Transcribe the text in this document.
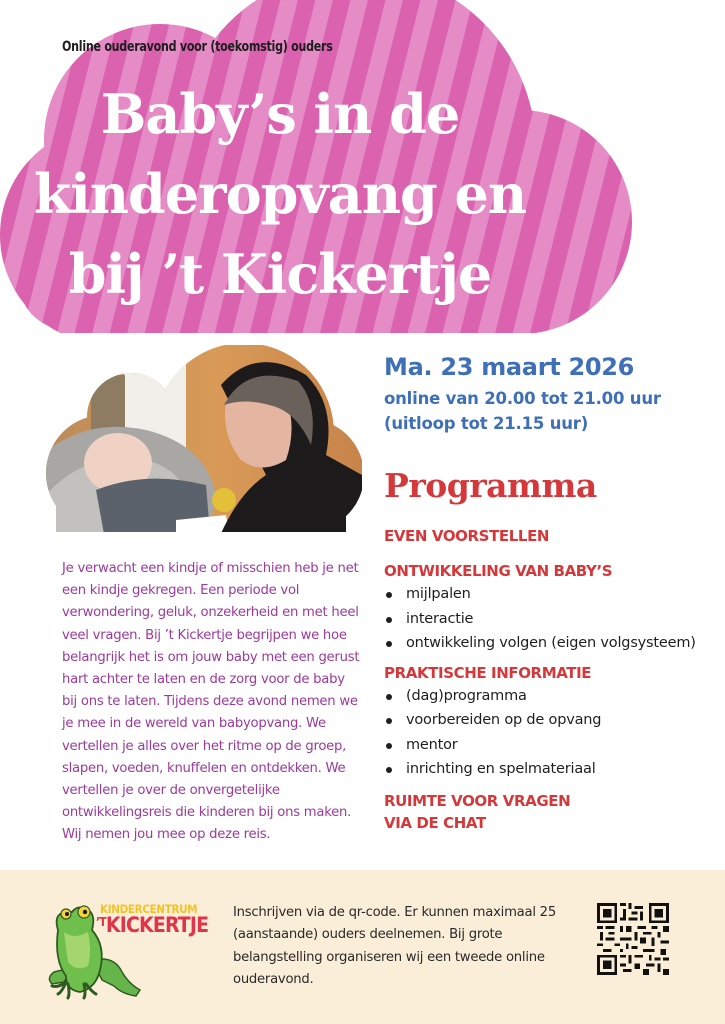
Online ouderavond voor (toekomstig) ouders
Baby’s in de
kinderopvang en
bij ’t Kickertje
Ma. 23 maart 2026
online van 20.00 tot 21.00 uur
(uitloop tot 21.15 uur)
Programma
EVEN VOORSTELLEN
ONTWIKKELING VAN BABY’S
mijlpalen
interactie
ontwikkeling volgen (eigen volgsysteem)
PRAKTISCHE INFORMATIE
(dag)programma
voorbereiden op de opvang
mentor
inrichting en spelmateriaal
RUIMTE VOOR VRAGEN
VIA DE CHAT

Je verwacht een kindje of misschien heb je net een kindje gekregen. Een periode vol verwondering, geluk, onzekerheid en met heel veel vragen. Bij ’t Kickertje begrijpen we hoe belangrijk het is om jouw baby met een gerust hart achter te laten en de zorg voor de baby bij ons te laten. Tijdens deze avond nemen we je mee in de wereld van babyopvang. We vertellen je alles over het ritme op de groep, slapen, voeden, knuffelen en ontdekken. We vertellen je over de onvergetelijke ontwikkelingsreis die kinderen bij ons maken. Wij nemen jou mee op deze reis.

KINDERCENTRUM
$^{’T}$KICKERTJE

Inschrijven via de qr-code. Er kunnen maximaal 25 (aanstaande) ouders deelnemen. Bij grote belangstelling organiseren wij een tweede online ouderavond.
